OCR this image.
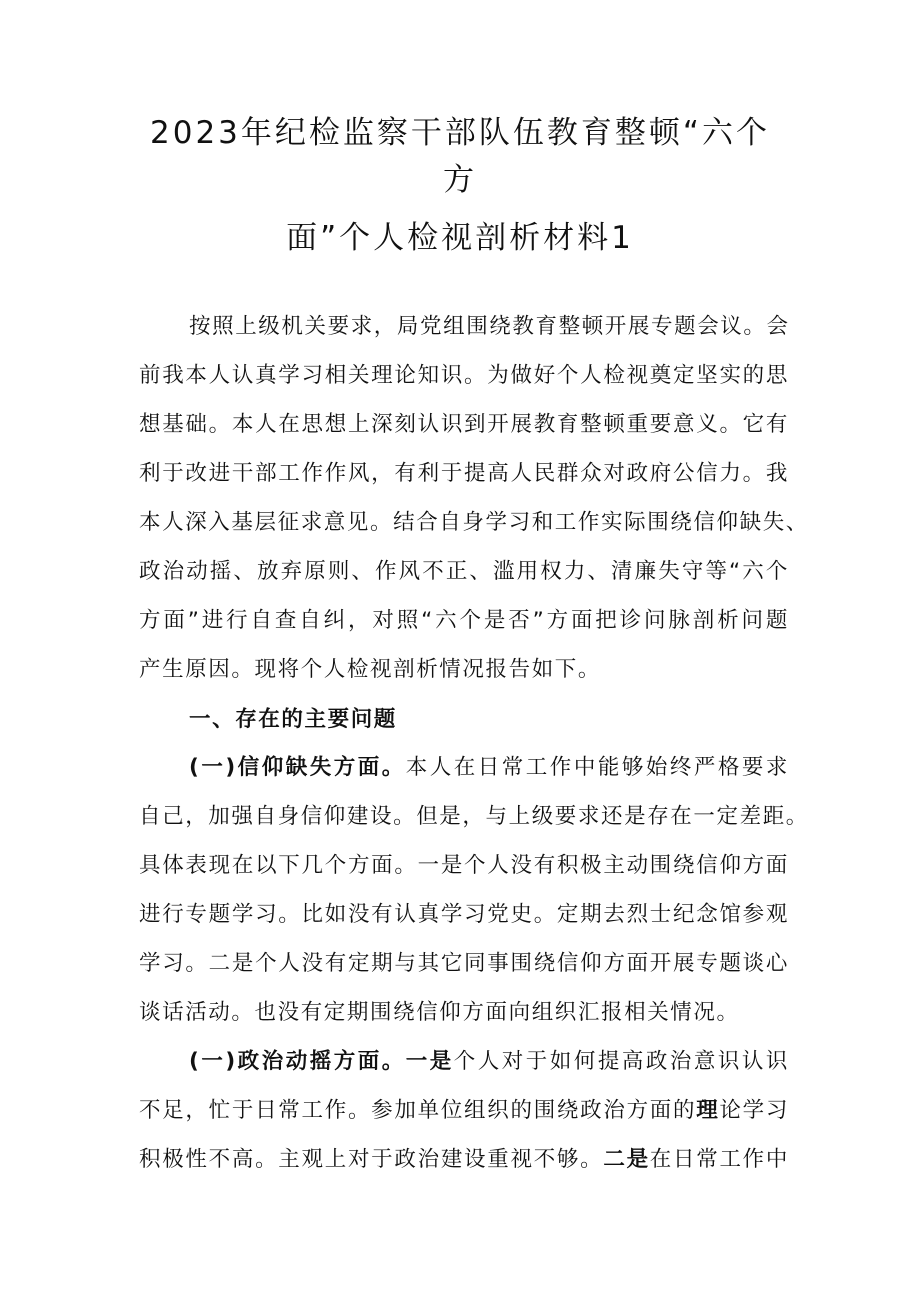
2023年纪检监察干部队伍教育整顿“六个
方
面”个人检视剖析材料1
按照上级机关要求，局党组围绕教育整顿开展专题会议。会
前我本人认真学习相关理论知识。为做好个人检视奠定坚实的思
想基础。本人在思想上深刻认识到开展教育整顿重要意义。它有
利于改进干部工作作风，有利于提高人民群众对政府公信力。我
本人深入基层征求意见。结合自身学习和工作实际围绕信仰缺失、
政治动摇、放弃原则、作风不正、滥用权力、清廉失守等“六个
方面”进行自查自纠，对照“六个是否”方面把诊问脉剖析问题
产生原因。现将个人检视剖析情况报告如下。
一、存在的主要问题
(一)信仰缺失方面。本人在日常工作中能够始终严格要求
自己，加强自身信仰建设。但是，与上级要求还是存在一定差距。
具体表现在以下几个方面。一是个人没有积极主动围绕信仰方面
进行专题学习。比如没有认真学习党史。定期去烈士纪念馆参观
学习。二是个人没有定期与其它同事围绕信仰方面开展专题谈心
谈话活动。也没有定期围绕信仰方面向组织汇报相关情况。
(一)政治动摇方面。一是个人对于如何提高政治意识认识
不足，忙于日常工作。参加单位组织的围绕政治方面的理论学习
积极性不高。主观上对于政治建设重视不够。二是在日常工作中
